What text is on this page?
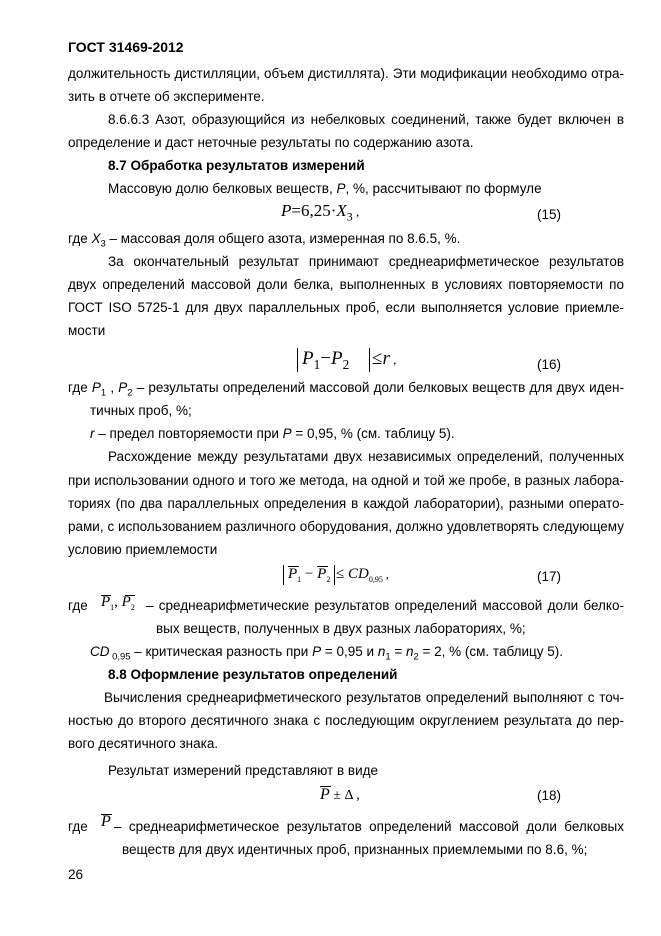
ГОСТ 31469-2012
должительность дистилляции, объем дистиллята). Эти модификации необходимо отра-
зить в отчете об эксперименте.
8.6.6.3 Азот, образующийся из небелковых соединений, также будет включен в
определение и даст неточные результаты по содержанию азота.
8.7 Обработка результатов измерений
Массовую долю белковых веществ, P, %, рассчитывают по формуле
$P=6,25\cdot X_3$ ,	(15)
где $X_3$ – массовая доля общего азота, измеренная по 8.6.5, %.
За окончательный результат принимают среднеарифметическое результатов
двух определений массовой доли белка, выполненных в условиях повторяемости по
ГОСТ ISO 5725-1 для двух параллельных проб, если выполняется условие приемле-
мости
$P_1-P_2 \le r$ ,	(16)
где $P_1$ , $P_2$ – результаты определений массовой доли белковых веществ для двух иден-
тичных проб, %;
r – предел повторяемости при P = 0,95, % (см. таблицу 5).
Расхождение между результатами двух независимых определений, полученных
при использовании одного и того же метода, на одной и той же пробе, в разных лабора-
ториях (по два параллельных определения в каждой лаборатории), разными операто-
рами, с использованием различного оборудования, должно удовлетворять следующему
условию приемлемости
$P_1 - P_2 \le CD_{0,95}$ ,	(17)
где $P_1$, $P_2$ – среднеарифметические результатов определений массовой доли белко-
вых веществ, полученных в двух разных лабораториях, %;
CD $_{0,95}$ – критическая разность при P = 0,95 и $n_1 = n_2 = 2$, % (см. таблицу 5).
8.8 Оформление результатов определений
Вычисления среднеарифметического результатов определений выполняют с точ-
ностью до второго десятичного знака с последующим округлением результата до пер-
вого десятичного знака.
Результат измерений представляют в виде
P ± Δ ,	(18)
где P – среднеарифметическое результатов определений массовой доли белковых
веществ для двух идентичных проб, признанных приемлемыми по 8.6, %;
26
